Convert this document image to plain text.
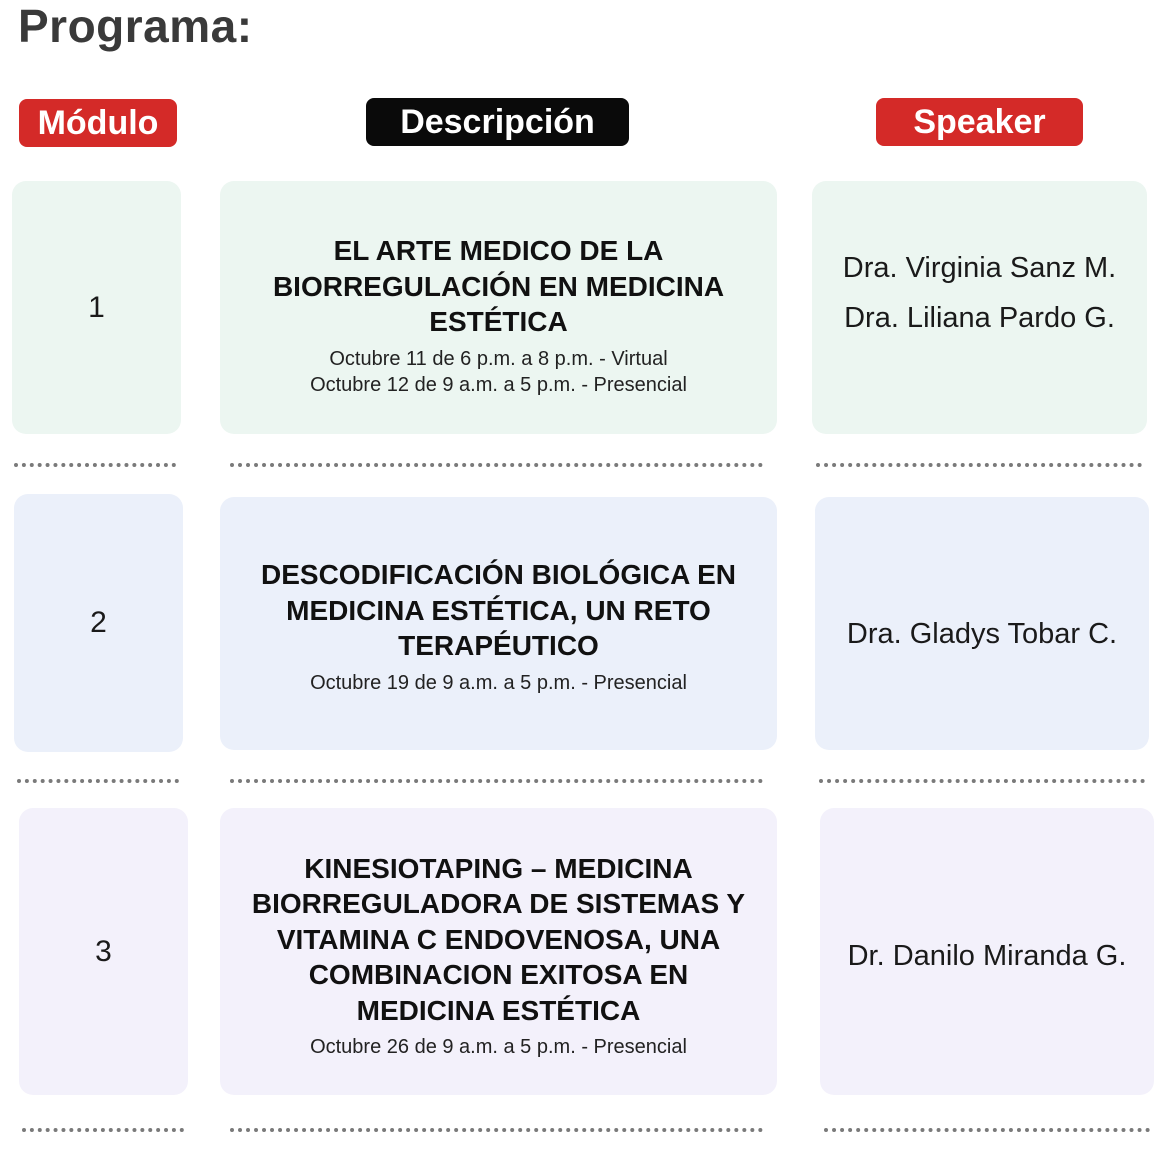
Programa:
Módulo	Descripción	Speaker
1
EL ARTE MEDICO DE LA
BIORREGULACIÓN EN MEDICINA
ESTÉTICA
Octubre 11 de 6 p.m. a 8 p.m. - Virtual
Octubre 12 de 9 a.m. a 5 p.m. - Presencial
Dra. Virginia Sanz M.
Dra. Liliana Pardo G.
2
DESCODIFICACIÓN BIOLÓGICA EN
MEDICINA ESTÉTICA, UN RETO
TERAPÉUTICO
Octubre 19 de 9 a.m. a 5 p.m. - Presencial
Dra. Gladys Tobar C.
3
KINESIOTAPING – MEDICINA
BIORREGULADORA DE SISTEMAS Y
VITAMINA C ENDOVENOSA, UNA
COMBINACION EXITOSA EN
MEDICINA ESTÉTICA
Octubre 26 de 9 a.m. a 5 p.m. - Presencial
Dr. Danilo Miranda G.
